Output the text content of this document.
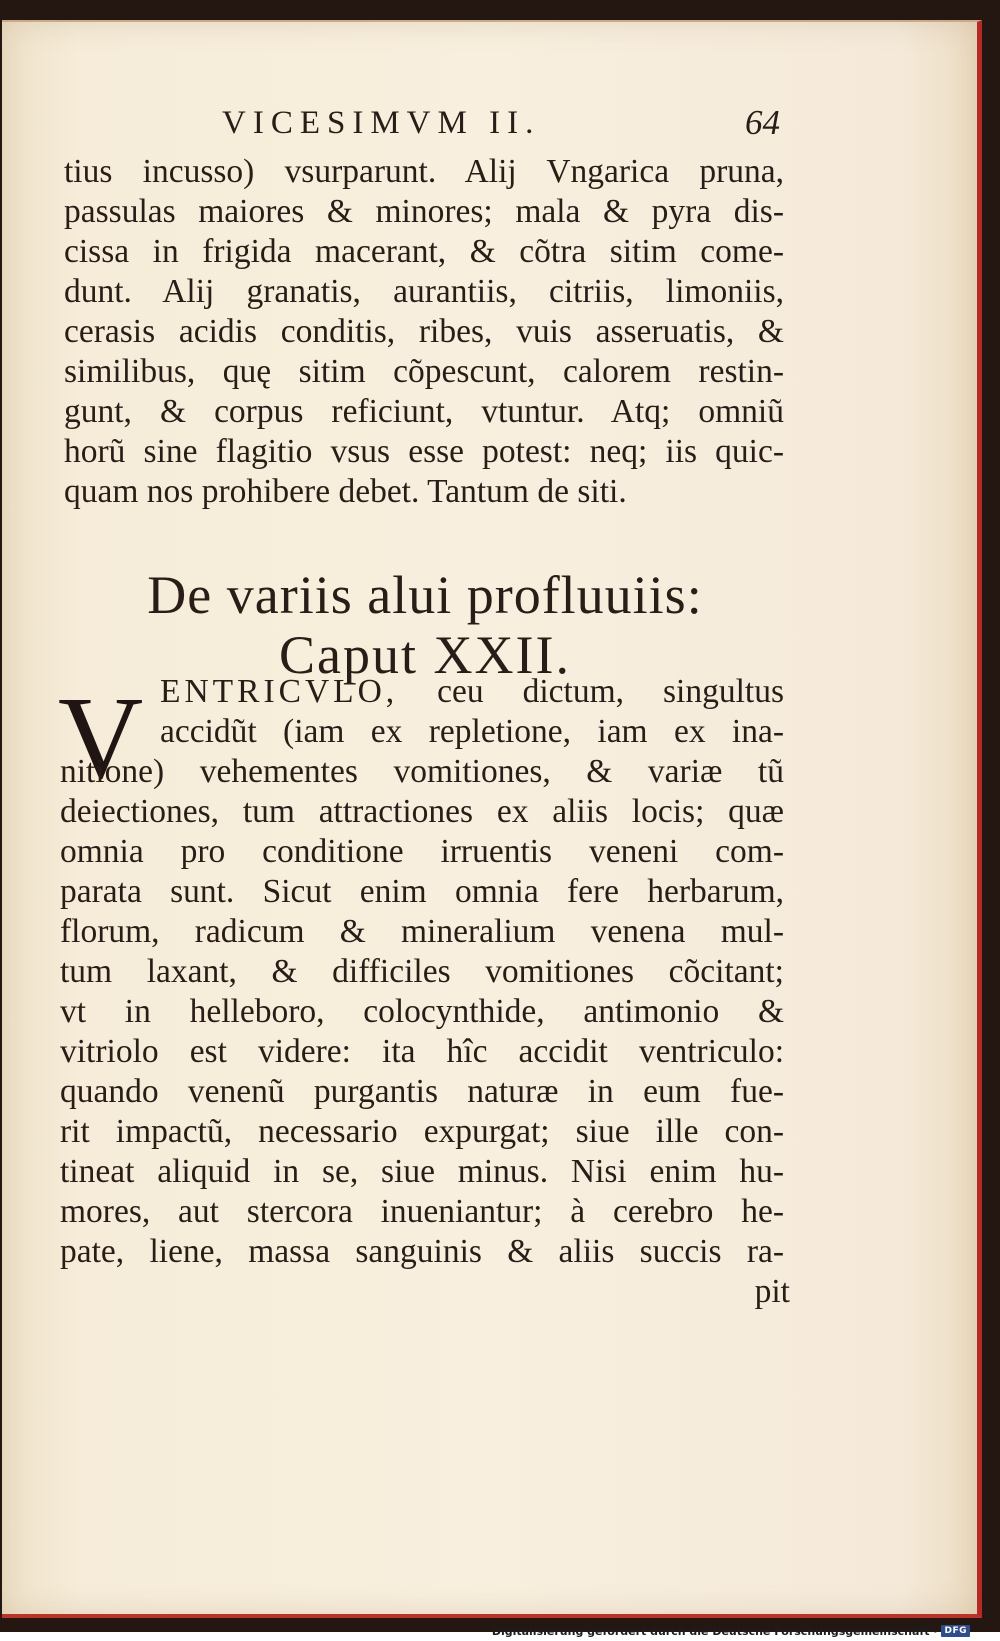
VICESIMVM II.	64
tius incusso) vsurparunt. Alij Vngarica pruna,
passulas maiores & minores; mala & pyra dis-
cissa in frigida macerant, & cõtra sitim come-
dunt. Alij granatis, aurantiis, citriis, limoniis,
cerasis acidis conditis, ribes, vuis asseruatis, &
similibus, quę sitim cõpescunt, calorem restin-
gunt, & corpus reficiunt, vtuntur. Atq; omniũ
horũ sine flagitio vsus esse potest: neq; iis quic-
quam nos prohibere debet. Tantum de siti.
De variis alui profluuiis:
Caput XXII.
V ENTRICVLO, ceu dictum, singultus
accidũt (iam ex repletione, iam ex ina-
nitione) vehementes vomitiones, & variæ tũ
deiectiones, tum attractiones ex aliis locis; quæ
omnia pro conditione irruentis veneni com-
parata sunt. Sicut enim omnia fere herbarum,
florum, radicum & mineralium venena mul-
tum laxant, & difficiles vomitiones cõcitant;
vt in helleboro, colocynthide, antimonio &
vitriolo est videre: ita hîc accidit ventriculo:
quando venenũ purgantis naturæ in eum fue-
rit impactũ, necessario expurgat; siue ille con-
tineat aliquid in se, siue minus. Nisi enim hu-
mores, aut stercora inueniantur; à cerebro he-
pate, liene, massa sanguinis & aliis succis ra-
pit
Digitalisierung gefördert durch die Deutsche Forschungsgemeinschaft · DFG
